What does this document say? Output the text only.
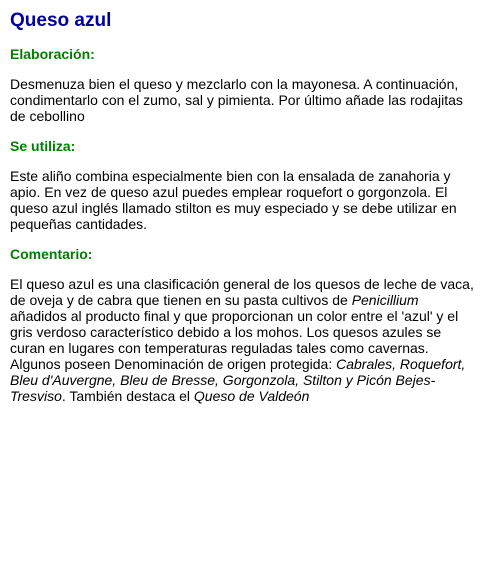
Queso azul
Elaboración:

Desmenuza bien el queso y mezclarlo con la mayonesa. A continuación, condimentarlo con el zumo, sal y pimienta. Por último añade las rodajitas de cebollino

Se utiliza:

Este aliño combina especialmente bien con la ensalada de zanahoria y apio. En vez de queso azul puedes emplear roquefort o gorgonzola. El queso azul inglés llamado stilton es muy especiado y se debe utilizar en pequeñas cantidades.

Comentario:

El queso azul es una clasificación general de los quesos de leche de vaca, de oveja y de cabra que tienen en su pasta cultivos de Penicillium añadidos al producto final y que proporcionan un color entre el 'azul' y el gris verdoso característico debido a los mohos. Los quesos azules se curan en lugares con temperaturas reguladas tales como cavernas. Algunos poseen Denominación de origen protegida: Cabrales, Roquefort, Bleu d'Auvergne, Bleu de Bresse, Gorgonzola, Stilton y Picón Bejes-Tresviso. También destaca el Queso de Valdeón
